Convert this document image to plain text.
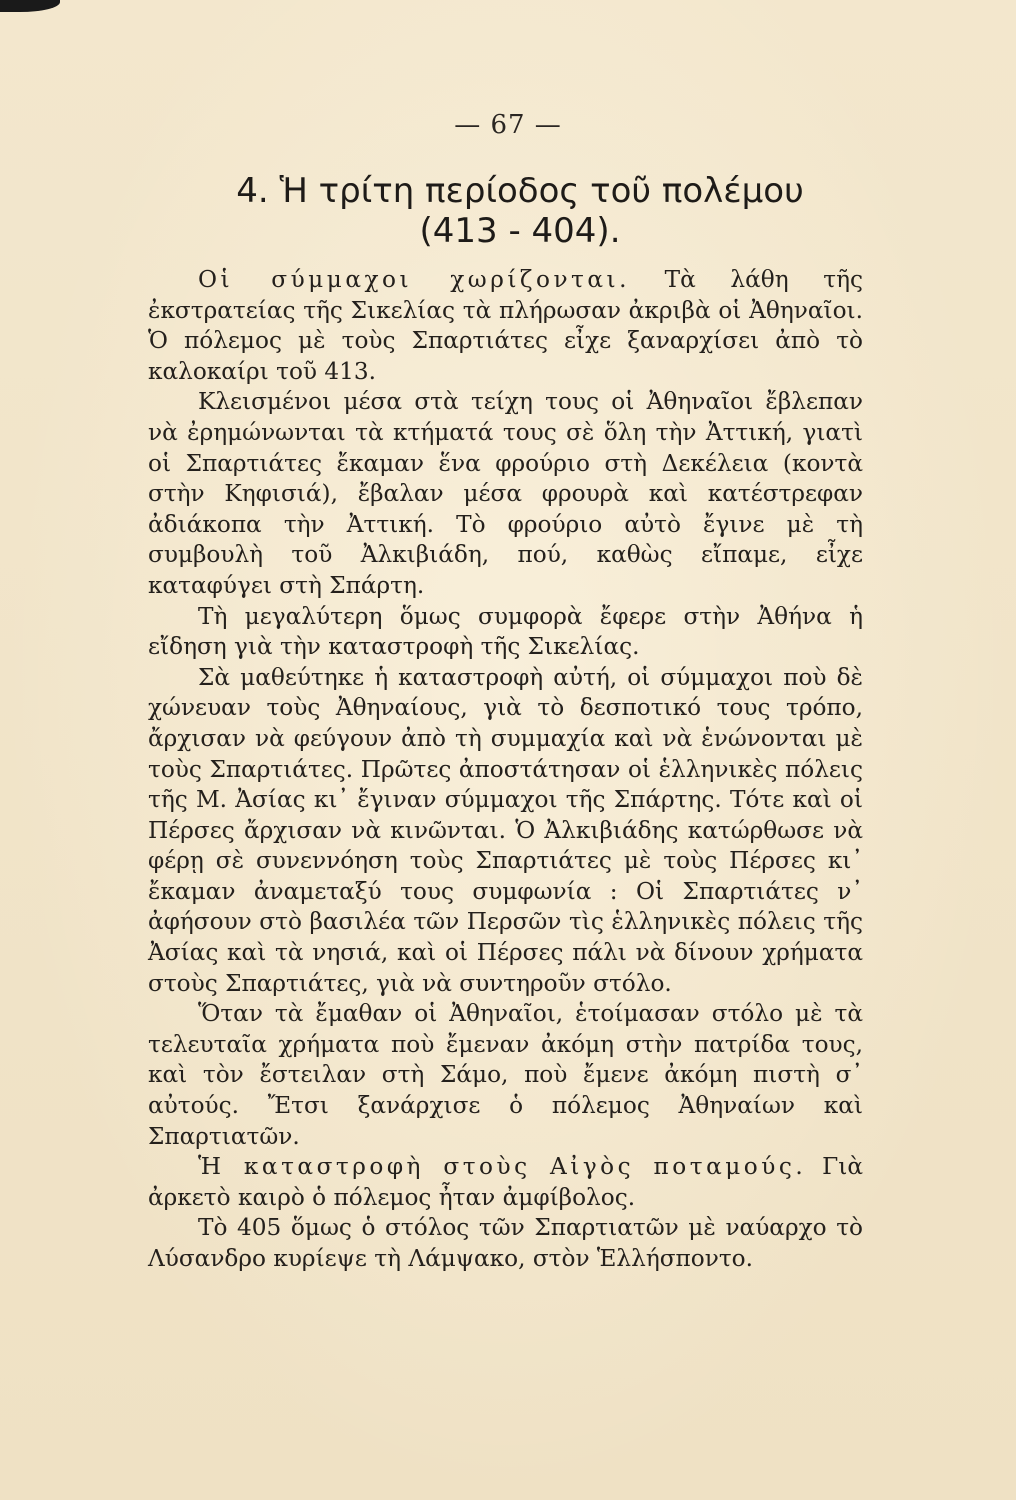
— 67 —
4. Ἡ τρίτη περίοδος τοῦ πολέμου
(413 - 404).

Οἱ σύμμαχοι χωρίζονται. Τὰ λάθη τῆς ἐκστρατείας τῆς Σικελίας τὰ πλήρωσαν ἀκριβὰ οἱ Ἀθηναῖοι. Ὁ πόλεμος μὲ τοὺς Σπαρτιάτες εἶχε ξαναρχίσει ἀπὸ τὸ καλοκαίρι τοῦ 413.

Κλεισμένοι μέσα στὰ τείχη τους οἱ Ἀθηναῖοι ἔβλεπαν νὰ ἐρημώνωνται τὰ κτήματά τους σὲ ὅλη τὴν Ἀττική, γιατὶ οἱ Σπαρτιάτες ἔκαμαν ἕνα φρούριο στὴ Δεκέλεια (κοντὰ στὴν Κηφισιά), ἔβαλαν μέσα φρουρὰ καὶ κατέστρεφαν ἀδιάκοπα τὴν Ἀττική. Τὸ φρούριο αὐτὸ ἔγινε μὲ τὴ συμβουλὴ τοῦ Ἀλκιβιάδη, πού, καθὼς εἴπαμε, εἶχε καταφύγει στὴ Σπάρτη.

Τὴ μεγαλύτερη ὅμως συμφορὰ ἔφερε στὴν Ἀθήνα ἡ εἴδηση γιὰ τὴν καταστροφὴ τῆς Σικελίας.

Σὰ μαθεύτηκε ἡ καταστροφὴ αὐτή, οἱ σύμμαχοι ποὺ δὲ χώνευαν τοὺς Ἀθηναίους, γιὰ τὸ δεσποτικό τους τρόπο, ἄρχισαν νὰ φεύγουν ἀπὸ τὴ συμμαχία καὶ νὰ ἑνώνονται μὲ τοὺς Σπαρτιάτες. Πρῶτες ἀποστάτησαν οἱ ἑλληνικὲς πόλεις τῆς Μ. Ἀσίας κι᾿ ἔγιναν σύμμαχοι τῆς Σπάρτης. Τότε καὶ οἱ Πέρσες ἄρχισαν νὰ κινῶνται. Ὁ Ἀλκιβιάδης κατώρθωσε νὰ φέρῃ σὲ συνεννόηση τοὺς Σπαρτιάτες μὲ τοὺς Πέρσες κι᾿ ἔκαμαν ἀναμεταξύ τους συμφωνία : Οἱ Σπαρτιάτες ν᾿ ἀφήσουν στὸ βασιλέα τῶν Περσῶν τὶς ἑλληνικὲς πόλεις τῆς Ἀσίας καὶ τὰ νησιά, καὶ οἱ Πέρσες πάλι νὰ δίνουν χρήματα στοὺς Σπαρτιάτες, γιὰ νὰ συντηροῦν στόλο.

Ὅταν τὰ ἔμαθαν οἱ Ἀθηναῖοι, ἑτοίμασαν στόλο μὲ τὰ τελευταῖα χρήματα ποὺ ἔμεναν ἀκόμη στὴν πατρίδα τους, καὶ τὸν ἔστειλαν στὴ Σάμο, ποὺ ἔμενε ἀκόμη πιστὴ σ᾿ αὐτούς. Ἔτσι ξανάρχισε ὁ πόλεμος Ἀθηναίων καὶ Σπαρτιατῶν.

Ἡ καταστροφὴ στοὺς Αἰγὸς ποταμούς. Γιὰ ἀρκετὸ καιρὸ ὁ πόλεμος ἦταν ἀμφίβολος.

Τὸ 405 ὅμως ὁ στόλος τῶν Σπαρτιατῶν μὲ ναύαρχο τὸ Λύσανδρο κυρίεψε τὴ Λάμψακο, στὸν Ἑλλήσποντο.
